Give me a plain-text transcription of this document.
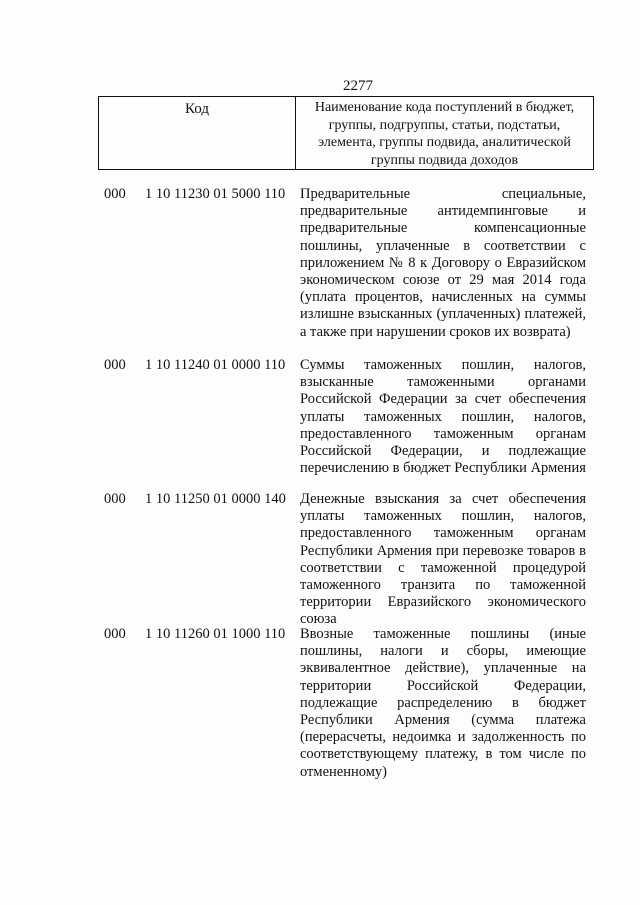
2277
Код	Наименование кода поступлений в бюджет, группы, подгруппы, статьи, подстатьи, элемента, группы подвида, аналитической группы подвида доходов
000 1 10 11230 01 5000 110 Предварительные специальные, предварительные антидемпинговые и предварительные компенсационные пошлины, уплаченные в соответствии с приложением № 8 к Договору о Евразийском экономическом союзе от 29 мая 2014 года (уплата процентов, начисленных на суммы излишне взысканных (уплаченных) платежей, а также при нарушении сроков их возврата)
000 1 10 11240 01 0000 110 Суммы таможенных пошлин, налогов, взысканные таможенными органами Российской Федерации за счет обеспечения уплаты таможенных пошлин, налогов, предоставленного таможенным органам Российской Федерации, и подлежащие перечислению в бюджет Республики Армения
000 1 10 11250 01 0000 140 Денежные взыскания за счет обеспечения уплаты таможенных пошлин, налогов, предоставленного таможенным органам Республики Армения при перевозке товаров в соответствии с таможенной процедурой таможенного транзита по таможенной территории Евразийского экономического союза
000 1 10 11260 01 1000 110 Ввозные таможенные пошлины (иные пошлины, налоги и сборы, имеющие эквивалентное действие), уплаченные на территории Российской Федерации, подлежащие распределению в бюджет Республики Армения (сумма платежа (перерасчеты, недоимка и задолженность по соответствующему платежу, в том числе по отмененному)
